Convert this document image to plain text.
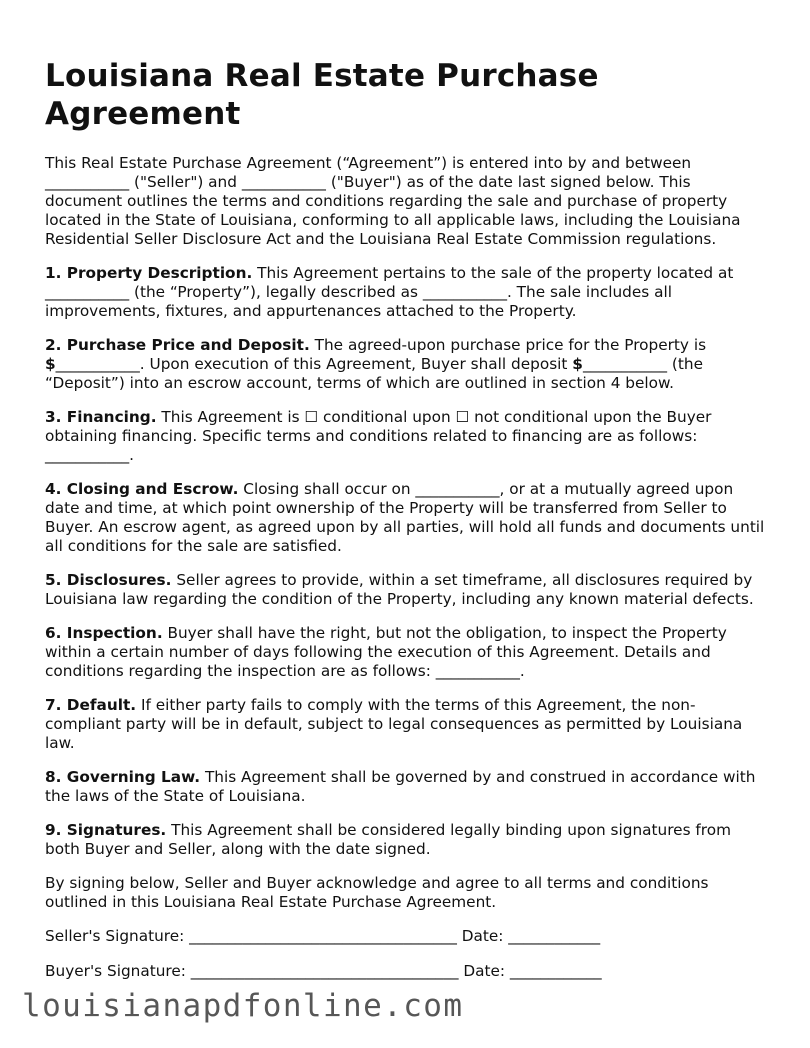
Louisiana Real Estate Purchase Agreement

This Real Estate Purchase Agreement (“Agreement”) is entered into by and between ___________ ("Seller") and ___________ ("Buyer") as of the date last signed below. This document outlines the terms and conditions regarding the sale and purchase of property located in the State of Louisiana, conforming to all applicable laws, including the Louisiana Residential Seller Disclosure Act and the Louisiana Real Estate Commission regulations.

1. Property Description. This Agreement pertains to the sale of the property located at ___________ (the “Property”), legally described as ___________. The sale includes all improvements, fixtures, and appurtenances attached to the Property.

2. Purchase Price and Deposit. The agreed-upon purchase price for the Property is $___________. Upon execution of this Agreement, Buyer shall deposit $___________ (the “Deposit”) into an escrow account, terms of which are outlined in section 4 below.

3. Financing. This Agreement is ☐ conditional upon ☐ not conditional upon the Buyer obtaining financing. Specific terms and conditions related to financing are as follows: ___________.

4. Closing and Escrow. Closing shall occur on ___________, or at a mutually agreed upon date and time, at which point ownership of the Property will be transferred from Seller to Buyer. An escrow agent, as agreed upon by all parties, will hold all funds and documents until all conditions for the sale are satisfied.

5. Disclosures. Seller agrees to provide, within a set timeframe, all disclosures required by Louisiana law regarding the condition of the Property, including any known material defects.

6. Inspection. Buyer shall have the right, but not the obligation, to inspect the Property within a certain number of days following the execution of this Agreement. Details and conditions regarding the inspection are as follows: ___________.

7. Default. If either party fails to comply with the terms of this Agreement, the non-compliant party will be in default, subject to legal consequences as permitted by Louisiana law.

8. Governing Law. This Agreement shall be governed by and construed in accordance with the laws of the State of Louisiana.

9. Signatures. This Agreement shall be considered legally binding upon signatures from both Buyer and Seller, along with the date signed.

By signing below, Seller and Buyer acknowledge and agree to all terms and conditions outlined in this Louisiana Real Estate Purchase Agreement.

Seller's Signature: ___________________________________ Date: ____________
Buyer's Signature: ___________________________________ Date: ____________
louisianapdfonline.com
